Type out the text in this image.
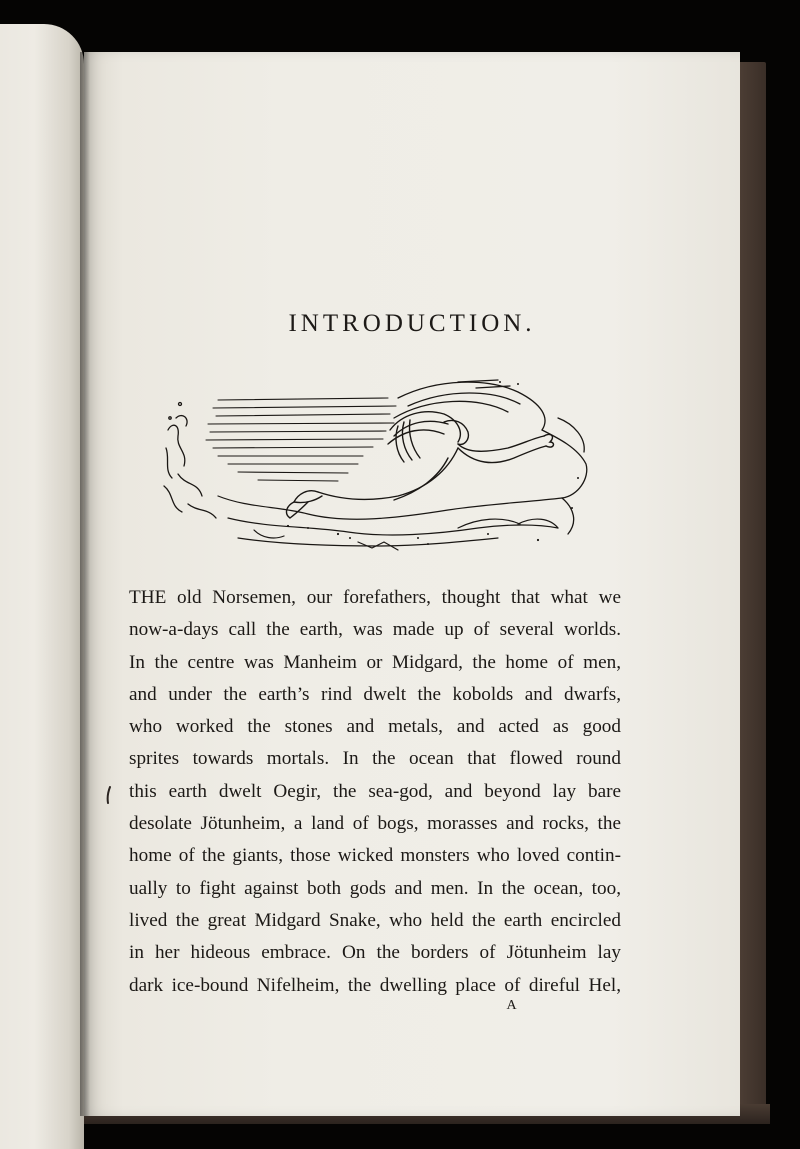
INTRODUCTION.
THE old Norsemen, our forefathers, thought that what we
now-a-days call the earth, was made up of several worlds.
In the centre was Manheim or Midgard, the home of men,
and under the earth’s rind dwelt the kobolds and dwarfs,
who worked the stones and metals, and acted as good
sprites towards mortals. In the ocean that flowed round
this earth dwelt Oegir, the sea-god, and beyond lay bare
desolate Jötunheim, a land of bogs, morasses and rocks, the
home of the giants, those wicked monsters who loved contin-
ually to fight against both gods and men. In the ocean, too,
lived the great Midgard Snake, who held the earth encircled
in her hideous embrace. On the borders of Jötunheim lay
dark ice-bound Nifelheim, the dwelling place of direful Hel,
A
